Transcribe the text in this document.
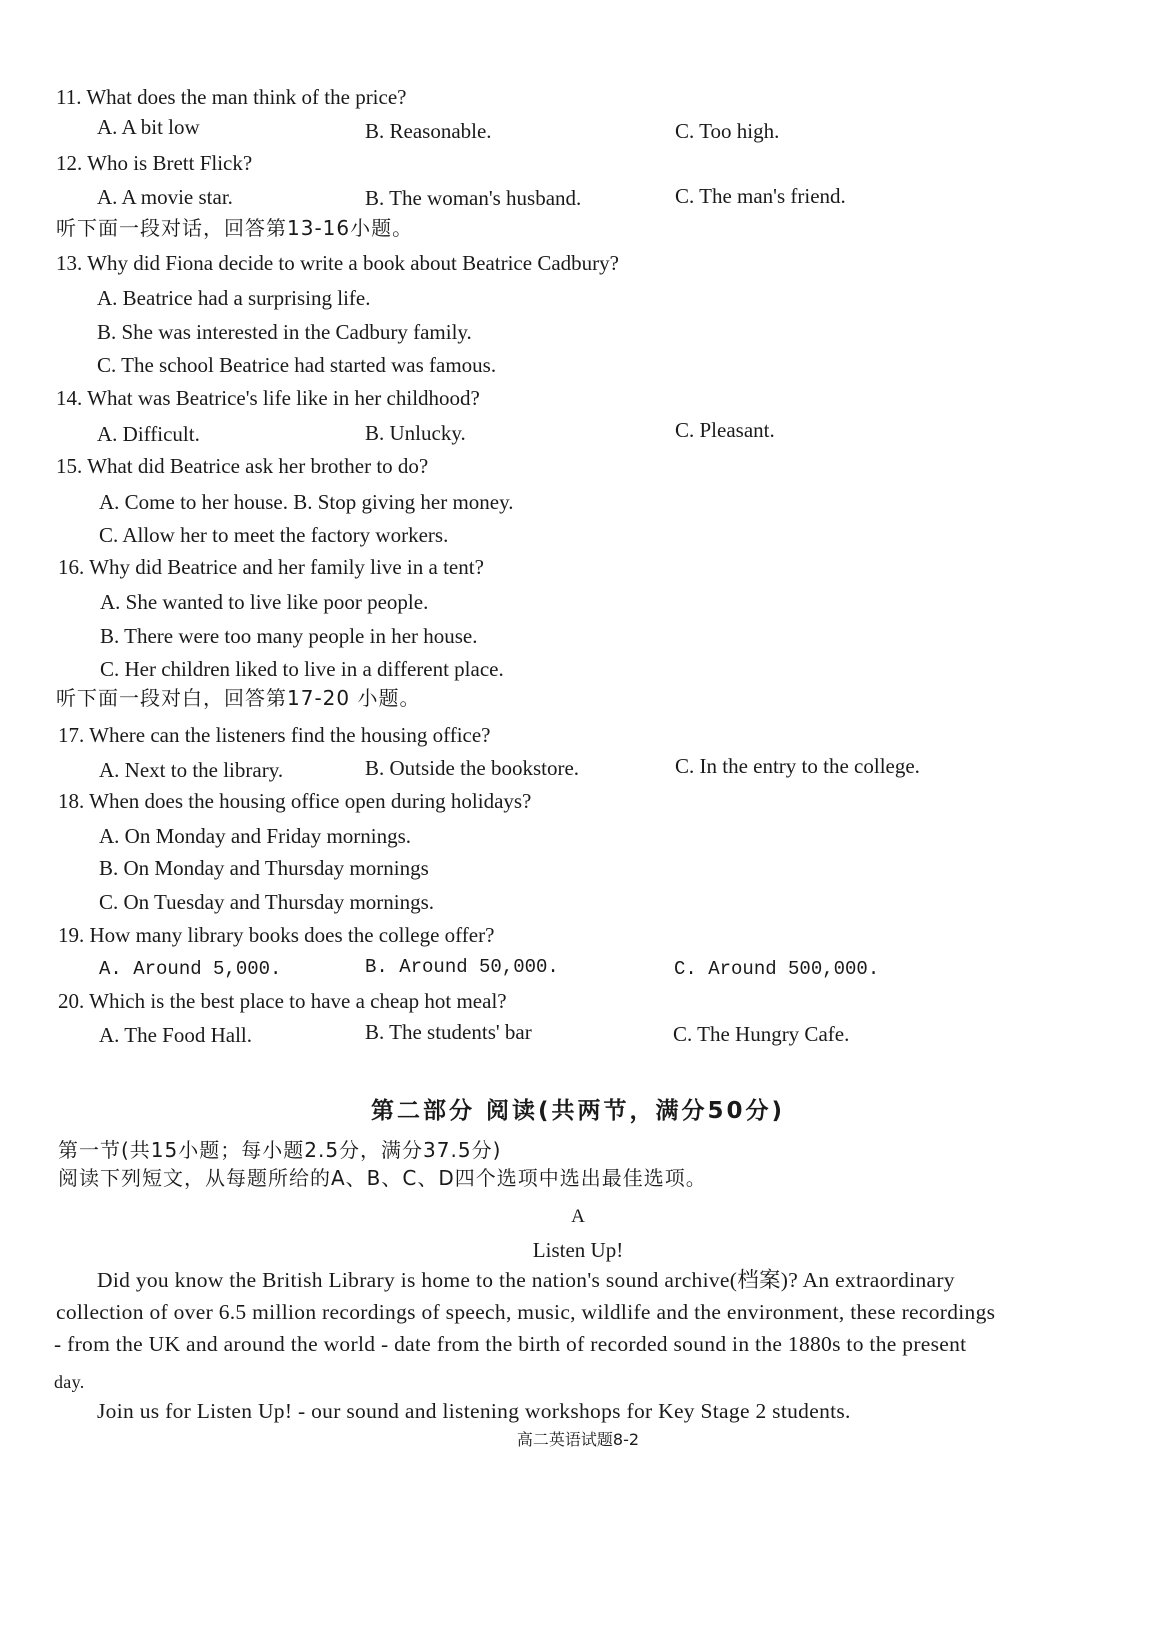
11. What does the man think of the price?
A. A bit low	B. Reasonable.	C. Too high.
12. Who is Brett Flick?
A. A movie star.	B. The woman's husband.	C. The man's friend.
听下面一段对话，回答第13-16小题。
13. Why did Fiona decide to write a book about Beatrice Cadbury?
A. Beatrice had a surprising life.
B. She was interested in the Cadbury family.
C. The school Beatrice had started was famous.
14. What was Beatrice's life like in her childhood?
A. Difficult.	B. Unlucky.	C. Pleasant.
15. What did Beatrice ask her brother to do?
A. Come to her house. B. Stop giving her money.
C. Allow her to meet the factory workers.
16. Why did Beatrice and her family live in a tent?
A. She wanted to live like poor people.
B. There were too many people in her house.
C. Her children liked to live in a different place.
听下面一段对白，回答第17-20 小题。
17. Where can the listeners find the housing office?
A. Next to the library.	B. Outside the bookstore.	C. In the entry to the college.
18. When does the housing office open during holidays?
A. On Monday and Friday mornings.
B. On Monday and Thursday mornings
C. On Tuesday and Thursday mornings.
19. How many library books does the college offer?
A. Around 5,000.	B. Around 50,000.	C. Around 500,000.
20. Which is the best place to have a cheap hot meal?
A. The Food Hall.	B. The students' bar	C. The Hungry Cafe.
第二部分 阅读(共两节，满分50分)
第一节(共15小题；每小题2.5分，满分37.5分)
阅读下列短文，从每题所给的A、B、C、D四个选项中选出最佳选项。
A
Listen Up!
Did you know the British Library is home to the nation's sound archive(档案)? An extraordinary
collection of over 6.5 million recordings of speech, music, wildlife and the environment, these recordings
- from the UK and around the world - date from the birth of recorded sound in the 1880s to the present
day.
Join us for Listen Up! - our sound and listening workshops for Key Stage 2 students.
高二英语试题8-2
